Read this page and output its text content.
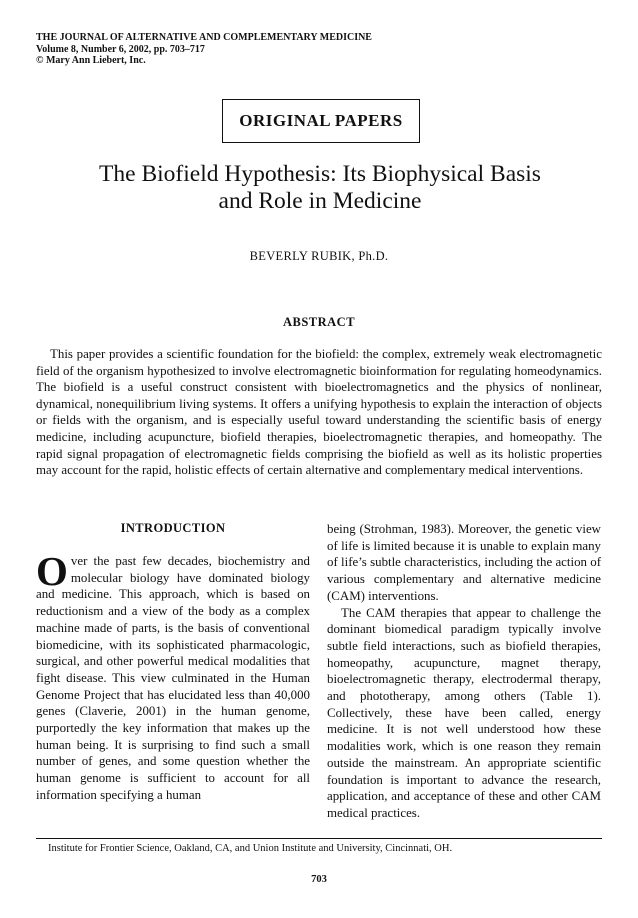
THE JOURNAL OF ALTERNATIVE AND COMPLEMENTARY MEDICINE
Volume 8, Number 6, 2002, pp. 703–717
© Mary Ann Liebert, Inc.
ORIGINAL PAPERS
The Biofield Hypothesis: Its Biophysical Basis
and Role in Medicine
BEVERLY RUBIK, Ph.D.
ABSTRACT
This paper provides a scientific foundation for the biofield: the complex, extremely weak electromagnetic field of the organism hypothesized to involve electromagnetic bioinformation for regulating homeodynamics. The biofield is a useful construct consistent with bioelectromagnetics and the physics of nonlinear, dynamical, nonequilibrium living systems. It offers a unifying hypothesis to explain the interaction of objects or fields with the organism, and is especially useful toward understanding the scientific basis of energy medicine, including acupuncture, biofield therapies, bioelectromagnetic therapies, and homeopathy. The rapid signal propagation of electromagnetic fields comprising the biofield as well as its holistic properties may account for the rapid, holistic effects of certain alternative and complementary medical interventions.
INTRODUCTION

Over the past few decades, biochemistry and molecular biology have dominated biology and medicine. This approach, which is based on reductionism and a view of the body as a complex machine made of parts, is the basis of conventional biomedicine, with its sophisticated pharmacologic, surgical, and other powerful medical modalities that fight disease. This view culminated in the Human Genome Project that has elucidated less than 40,000 genes (Claverie, 2001) in the human genome, purportedly the key information that makes up the human being. It is surprising to find such a small number of genes, and some question whether the human genome is sufficient to account for all information specifying a human

being (Strohman, 1983). Moreover, the genetic view of life is limited because it is unable to explain many of life’s subtle characteristics, including the action of various complementary and alternative medicine (CAM) interventions.

The CAM therapies that appear to challenge the dominant biomedical paradigm typically involve subtle field interactions, such as biofield therapies, homeopathy, acupuncture, magnet therapy, bioelectromagnetic therapy, electrodermal therapy, and phototherapy, among others (Table 1). Collectively, these have been called, energy medicine. It is not well understood how these modalities work, which is one reason they remain outside the mainstream. An appropriate scientific foundation is important to advance the research, application, and acceptance of these and other CAM medical practices.

Institute for Frontier Science, Oakland, CA, and Union Institute and University, Cincinnati, OH.
703
